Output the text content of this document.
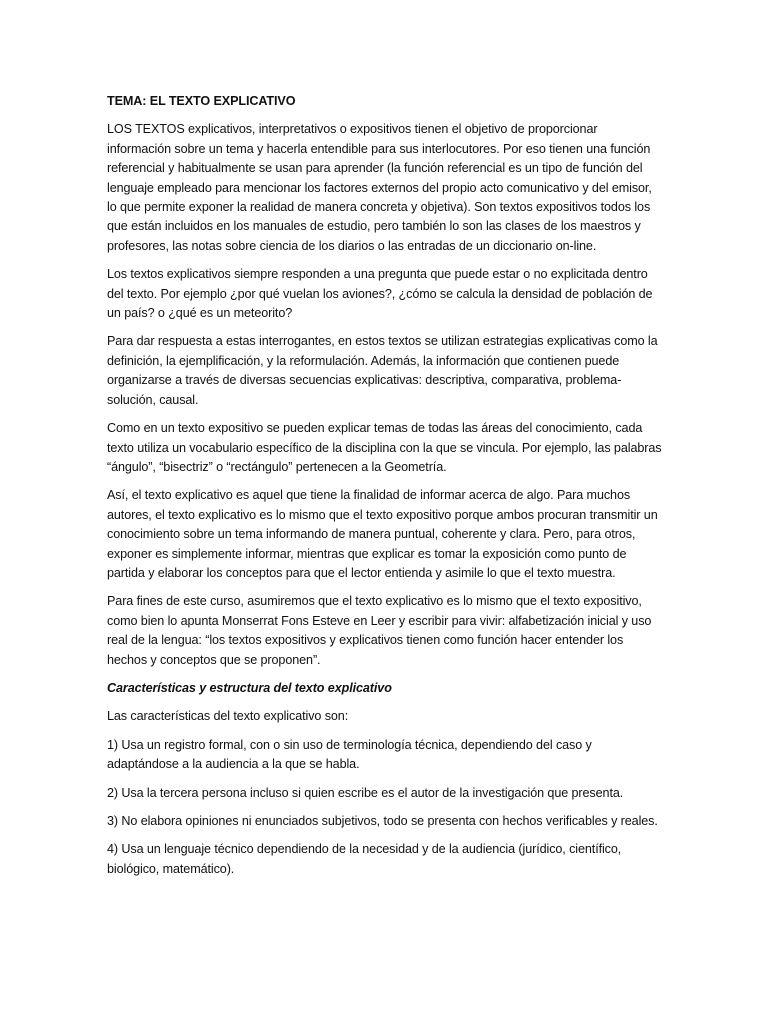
TEMA: EL TEXTO EXPLICATIVO

LOS TEXTOS explicativos, interpretativos o expositivos tienen el objetivo de proporcionar información sobre un tema y hacerla entendible para sus interlocutores. Por eso tienen una función referencial y habitualmente se usan para aprender (la función referencial es un tipo de función del lenguaje empleado para mencionar los factores externos del propio acto comunicativo y del emisor, lo que permite exponer la realidad de manera concreta y objetiva). Son textos expositivos todos los que están incluidos en los manuales de estudio, pero también lo son las clases de los maestros y profesores, las notas sobre ciencia de los diarios o las entradas de un diccionario on-line.

Los textos explicativos siempre responden a una pregunta que puede estar o no explicitada dentro del texto. Por ejemplo ¿por qué vuelan los aviones?, ¿cómo se calcula la densidad de población de un país? o ¿qué es un meteorito?

Para dar respuesta a estas interrogantes, en estos textos se utilizan estrategias explicativas como la definición, la ejemplificación, y la reformulación. Además, la información que contienen puede organizarse a través de diversas secuencias explicativas: descriptiva, comparativa, problema-solución, causal.

Como en un texto expositivo se pueden explicar temas de todas las áreas del conocimiento, cada texto utiliza un vocabulario específico de la disciplina con la que se vincula. Por ejemplo, las palabras “ángulo”, “bisectriz” o “rectángulo” pertenecen a la Geometría.

Así, el texto explicativo es aquel que tiene la finalidad de informar acerca de algo. Para muchos autores, el texto explicativo es lo mismo que el texto expositivo porque ambos procuran transmitir un conocimiento sobre un tema informando de manera puntual, coherente y clara. Pero, para otros, exponer es simplemente informar, mientras que explicar es tomar la exposición como punto de partida y elaborar los conceptos para que el lector entienda y asimile lo que el texto muestra.

Para fines de este curso, asumiremos que el texto explicativo es lo mismo que el texto expositivo, como bien lo apunta Monserrat Fons Esteve en Leer y escribir para vivir: alfabetización inicial y uso real de la lengua: “los textos expositivos y explicativos tienen como función hacer entender los hechos y conceptos que se proponen”.

Características y estructura del texto explicativo

Las características del texto explicativo son:

1) Usa un registro formal, con o sin uso de terminología técnica, dependiendo del caso y adaptándose a la audiencia a la que se habla.

2) Usa la tercera persona incluso si quien escribe es el autor de la investigación que presenta.

3) No elabora opiniones ni enunciados subjetivos, todo se presenta con hechos verificables y reales.

4) Usa un lenguaje técnico dependiendo de la necesidad y de la audiencia (jurídico, científico, biológico, matemático).
